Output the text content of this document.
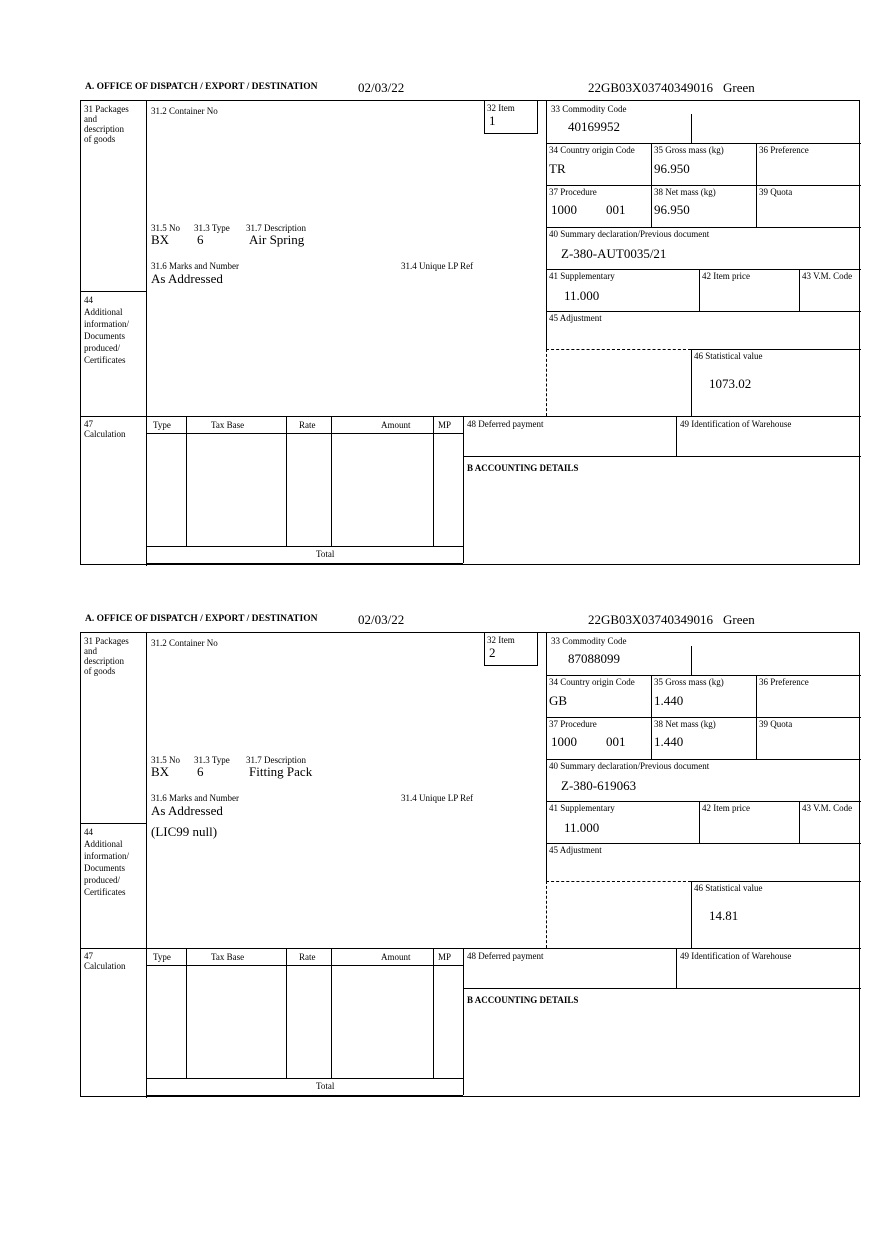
A. OFFICE OF DISPATCH / EXPORT / DESTINATION	02/03/22	22GB03X03740349016 Green
31 Packages
and
description
of goods
31.2 Container No	32 Item
1
33 Commodity Code
40169952
34 Country origin Code
TR
35 Gross mass (kg)
96.950
36 Preference
37 Procedure
1000 001
38 Net mass (kg)
96.950
39 Quota
40 Summary declaration/Previous document
Z-380-AUT0035/21
41 Supplementary
11.000
42 Item price	43 V.M. Code
45 Adjustment
46 Statistical value
1073.02
31.5 No 31.3 Type 31.7 Description
BX 6	Air Spring
31.6 Marks and Number	31.4 Unique LP Ref
As Addressed
44
Additional
information/
Documents
produced/
Certificates
47
Calculation
Type	Tax Base	Rate	Amount	MP
Total
48 Deferred payment	49 Identification of Warehouse
B ACCOUNTING DETAILS
A. OFFICE OF DISPATCH / EXPORT / DESTINATION	02/03/22	22GB03X03740349016 Green
31 Packages
and
description
of goods
31.2 Container No	32 Item
2
33 Commodity Code
87088099
34 Country origin Code
GB
35 Gross mass (kg)
1.440
36 Preference
37 Procedure
1000 001
38 Net mass (kg)
1.440
39 Quota
40 Summary declaration/Previous document
Z-380-619063
41 Supplementary
11.000
42 Item price	43 V.M. Code
45 Adjustment
46 Statistical value
14.81
31.5 No 31.3 Type 31.7 Description
BX 6	Fitting Pack
31.6 Marks and Number	31.4 Unique LP Ref
As Addressed
(LIC99 null)
44
Additional
information/
Documents
produced/
Certificates
47
Calculation
Type	Tax Base	Rate	Amount	MP
Total
48 Deferred payment	49 Identification of Warehouse
B ACCOUNTING DETAILS
